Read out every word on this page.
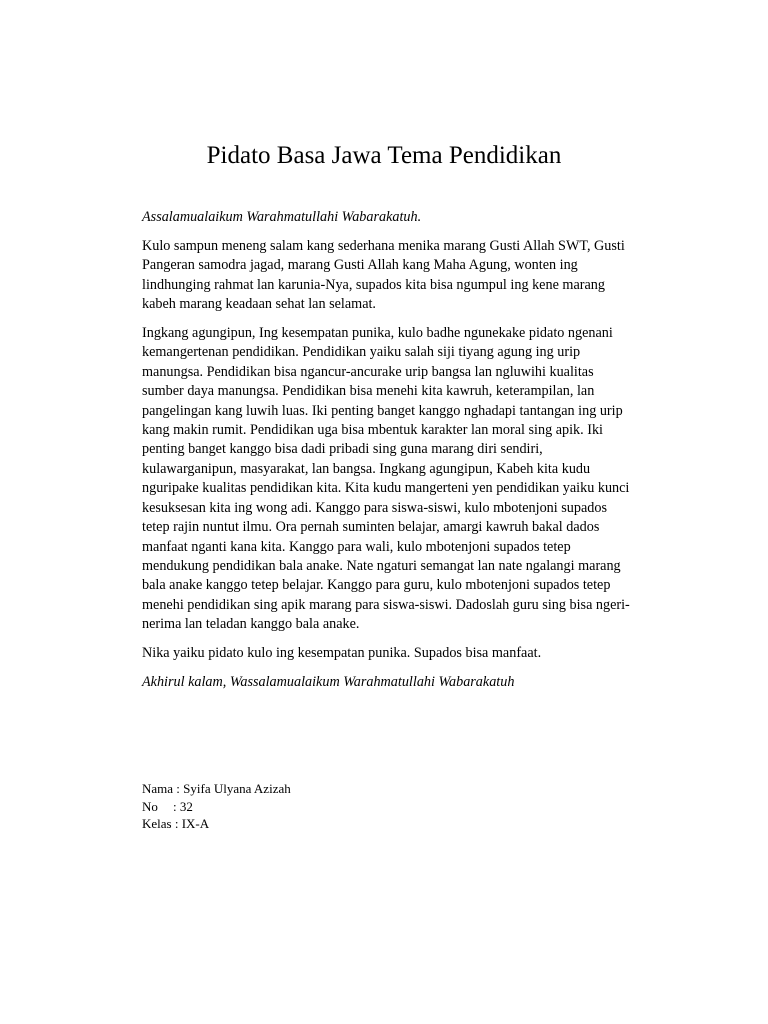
Pidato Basa Jawa Tema Pendidikan

Assalamualaikum Warahmatullahi Wabarakatuh.

Kulo sampun meneng salam kang sederhana menika marang Gusti Allah SWT, Gusti Pangeran samodra jagad, marang Gusti Allah kang Maha Agung, wonten ing lindhunging rahmat lan karunia-Nya, supados kita bisa ngumpul ing kene marang kabeh marang keadaan sehat lan selamat.

Ingkang agungipun, Ing kesempatan punika, kulo badhe ngunekake pidato ngenani kemangertenan pendidikan. Pendidikan yaiku salah siji tiyang agung ing urip manungsa. Pendidikan bisa ngancur-ancurake urip bangsa lan ngluwihi kualitas sumber daya manungsa. Pendidikan bisa menehi kita kawruh, keterampilan, lan pangelingan kang luwih luas. Iki penting banget kanggo nghadapi tantangan ing urip kang makin rumit. Pendidikan uga bisa mbentuk karakter lan moral sing apik. Iki penting banget kanggo bisa dadi pribadi sing guna marang diri sendiri, kulawarganipun, masyarakat, lan bangsa. Ingkang agungipun, Kabeh kita kudu nguripake kualitas pendidikan kita. Kita kudu mangerteni yen pendidikan yaiku kunci kesuksesan kita ing wong adi. Kanggo para siswa-siswi, kulo mbotenjoni supados tetep rajin nuntut ilmu. Ora pernah suminten belajar, amargi kawruh bakal dados manfaat nganti kana kita. Kanggo para wali, kulo mbotenjoni supados tetep mendukung pendidikan bala anake. Nate ngaturi semangat lan nate ngalangi marang bala anake kanggo tetep belajar. Kanggo para guru, kulo mbotenjoni supados tetep menehi pendidikan sing apik marang para siswa-siswi. Dadoslah guru sing bisa ngeri-nerima lan teladan kanggo bala anake.

Nika yaiku pidato kulo ing kesempatan punika. Supados bisa manfaat.

Akhirul kalam, Wassalamualaikum Warahmatullahi Wabarakatuh

Nama : Syifa Ulyana Azizah
No	: 32
Kelas : IX-A
